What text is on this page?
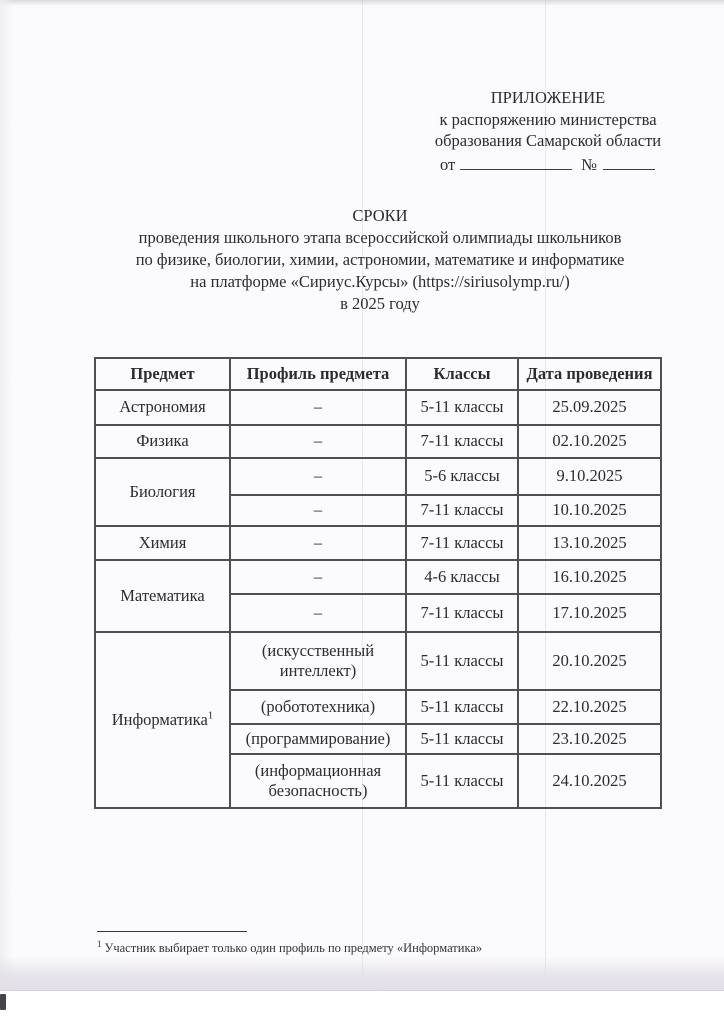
ПРИЛОЖЕНИЕ
к распоряжению министерства
образования Самарской области
от	№
СРОКИ
проведения школьного этапа всероссийской олимпиады школьников
по физике, биологии, химии, астрономии, математике и информатике
на платформе «Сириус.Курсы» (https://siriusolymp.ru/)
в 2025 году
Предмет	Профиль предмета	Классы	Дата проведения
Астрономия	–	5-11 классы	25.09.2025
Физика	–	7-11 классы	02.10.2025
Биология	–	5-6 классы	9.10.2025
	–	7-11 классы	10.10.2025
Химия	–	7-11 классы	13.10.2025
Математика	–	4-6 классы	16.10.2025
	–	7-11 классы	17.10.2025
Информатика$^1$	(искусственный интеллект)	5-11 классы	20.10.2025
	(робототехника)	5-11 классы	22.10.2025
	(программирование)	5-11 классы	23.10.2025
	(информационная безопасность)	5-11 классы	24.10.2025
$^1$ Участник выбирает только один профиль по предмету «Информатика»
